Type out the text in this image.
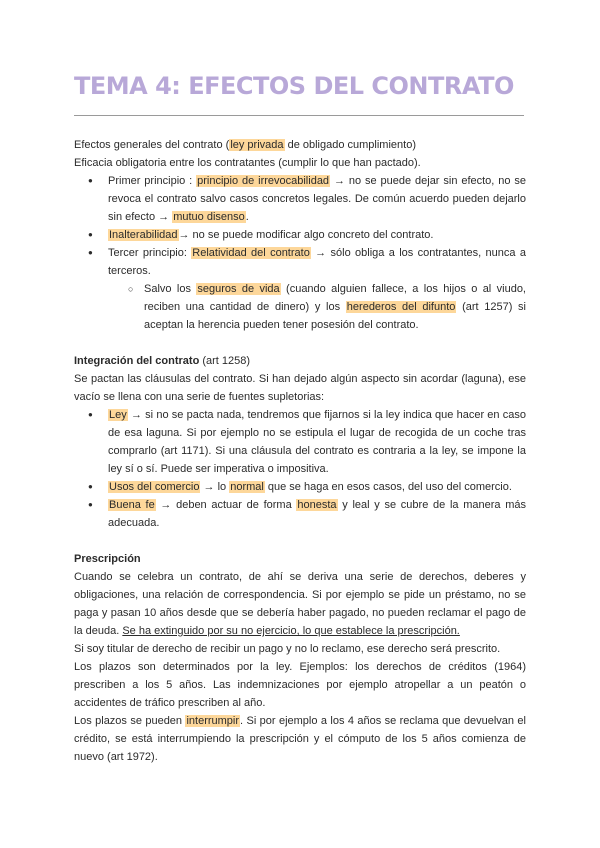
TEMA 4: EFECTOS DEL CONTRATO

Efectos generales del contrato (ley privada de obligado cumplimiento)

Eficacia obligatoria entre los contratantes (cumplir lo que han pactado).

● Primer principio : principio de irrevocabilidad → no se puede dejar sin efecto, no se revoca el contrato salvo casos concretos legales. De común acuerdo pueden dejarlo sin efecto → mutuo disenso.
● Inalterabilidad→ no se puede modificar algo concreto del contrato.
● Tercer principio: Relatividad del contrato → sólo obliga a los contratantes, nunca a terceros.
○ Salvo los seguros de vida (cuando alguien fallece, a los hijos o al viudo, reciben una cantidad de dinero) y los herederos del difunto (art 1257) si aceptan la herencia pueden tener posesión del contrato.

Integración del contrato (art 1258)

Se pactan las cláusulas del contrato. Si han dejado algún aspecto sin acordar (laguna), ese vacío se llena con una serie de fuentes supletorias:

● Ley → si no se pacta nada, tendremos que fijarnos si la ley indica que hacer en caso de esa laguna. Si por ejemplo no se estipula el lugar de recogida de un coche tras comprarlo (art 1171). Si una cláusula del contrato es contraria a la ley, se impone la ley sí o sí. Puede ser imperativa o impositiva.
● Usos del comercio → lo normal que se haga en esos casos, del uso del comercio.
● Buena fe → deben actuar de forma honesta y leal y se cubre de la manera más adecuada.

Prescripción

Cuando se celebra un contrato, de ahí se deriva una serie de derechos, deberes y obligaciones, una relación de correspondencia. Si por ejemplo se pide un préstamo, no se paga y pasan 10 años desde que se debería haber pagado, no pueden reclamar el pago de la deuda. Se ha extinguido por su no ejercicio, lo que establece la prescripción.

Si soy titular de derecho de recibir un pago y no lo reclamo, ese derecho será prescrito.

Los plazos son determinados por la ley. Ejemplos: los derechos de créditos (1964) prescriben a los 5 años. Las indemnizaciones por ejemplo atropellar a un peatón o accidentes de tráfico prescriben al año.

Los plazos se pueden interrumpir. Si por ejemplo a los 4 años se reclama que devuelvan el crédito, se está interrumpiendo la prescripción y el cómputo de los 5 años comienza de nuevo (art 1972).
